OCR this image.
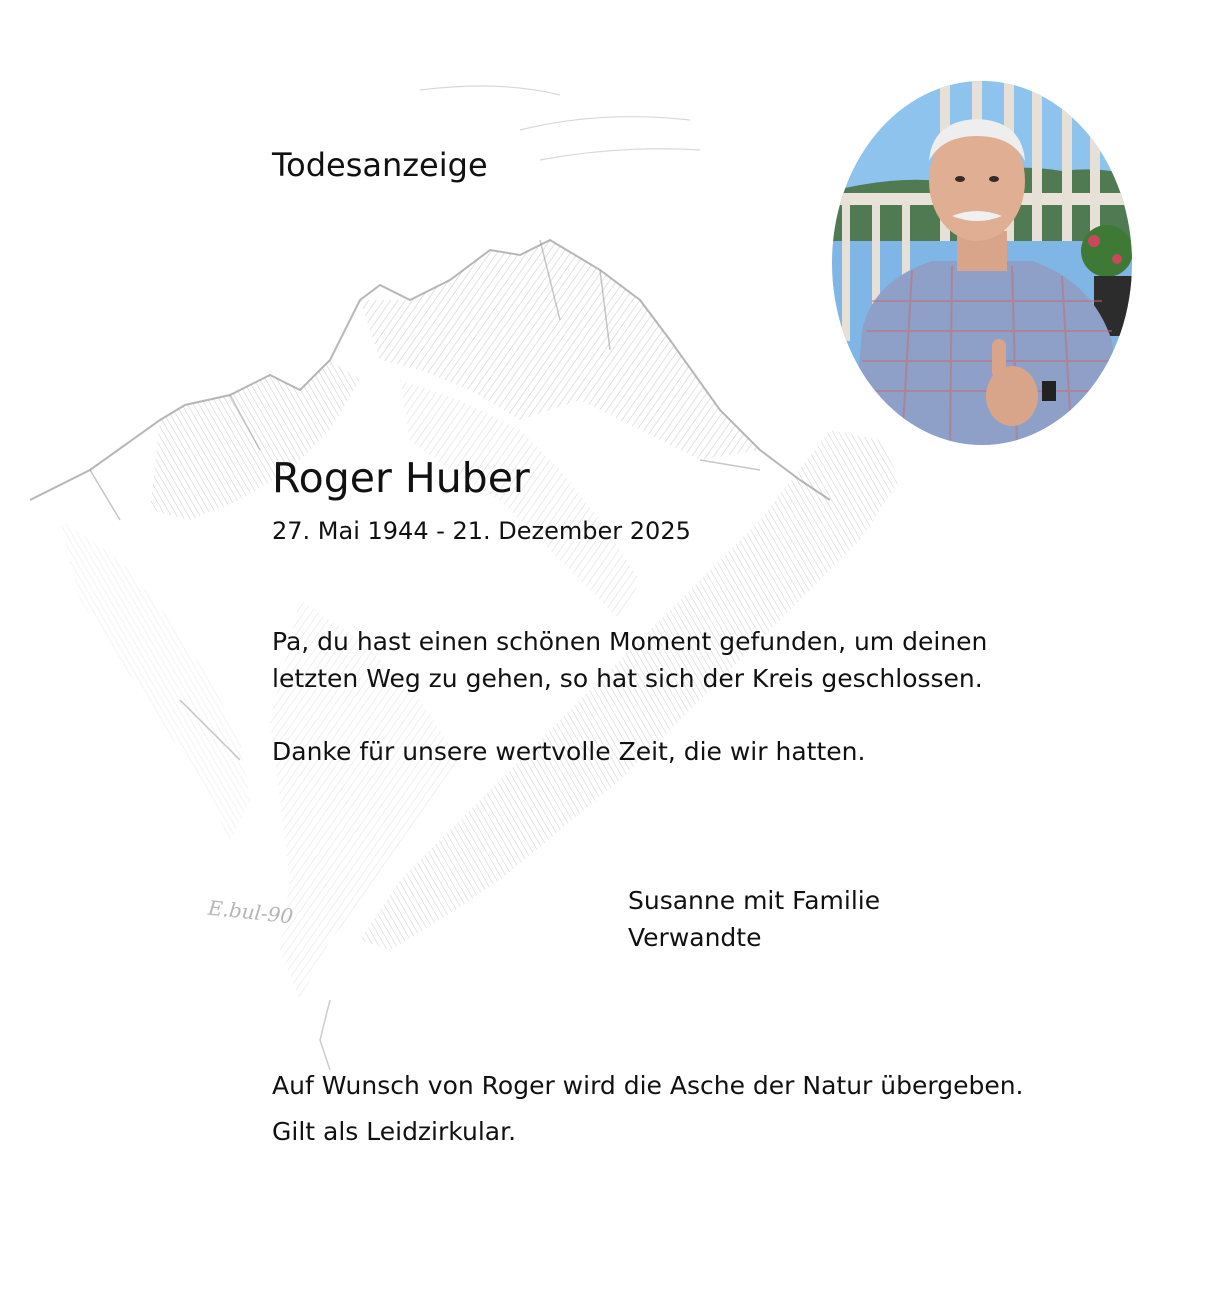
E.bul-90
Todesanzeige
Roger Huber

27. Mai 1944 - 21. Dezember 2025

Pa, du hast einen schönen Moment gefunden, um deinen

letzten Weg zu gehen, so hat sich der Kreis geschlossen.

Danke für unsere wertvolle Zeit, die wir hatten.

Susanne mit Familie

Verwandte

Auf Wunsch von Roger wird die Asche der Natur übergeben.

Gilt als Leidzirkular.
